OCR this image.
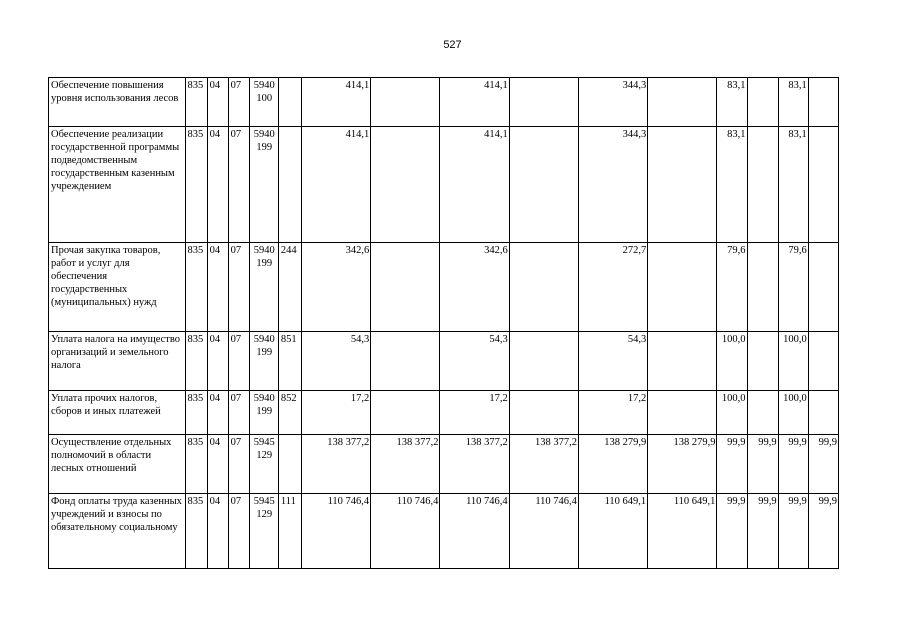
527
Обеспечение повышения уровня использования лесов	835	04	07	5940 100		414,1		414,1		344,3		83,1		83,1	
Обеспечение реализации государственной программы подведомственным государственным казенным учреждением	835	04	07	5940 199		414,1		414,1		344,3		83,1		83,1	
Прочая закупка товаров, работ и услуг для обеспечения государственных (муниципальных) нужд	835	04	07	5940 199	244	342,6		342,6		272,7		79,6		79,6	
Уплата налога на имущество организаций и земельного налога	835	04	07	5940 199	851	54,3		54,3		54,3		100,0		100,0	
Уплата прочих налогов, сборов и иных платежей	835	04	07	5940 199	852	17,2		17,2		17,2		100,0		100,0	
Осуществление отдельных полномочий в области лесных отношений	835	04	07	5945 129		138 377,2	138 377,2	138 377,2	138 377,2	138 279,9	138 279,9	99,9	99,9	99,9	99,9
Фонд оплаты труда казенных учреждений и взносы по обязательному социальному	835	04	07	5945 129	111	110 746,4	110 746,4	110 746,4	110 746,4	110 649,1	110 649,1	99,9	99,9	99,9	99,9
